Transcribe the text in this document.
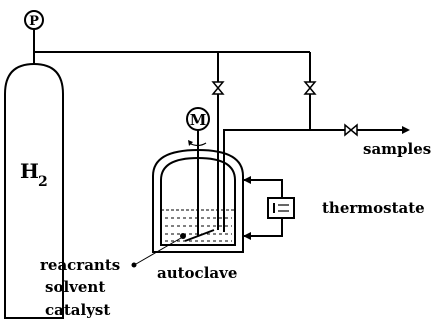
H 2
P
samples
M
thermostate
autoclave
reacrants
solvent
catalyst
